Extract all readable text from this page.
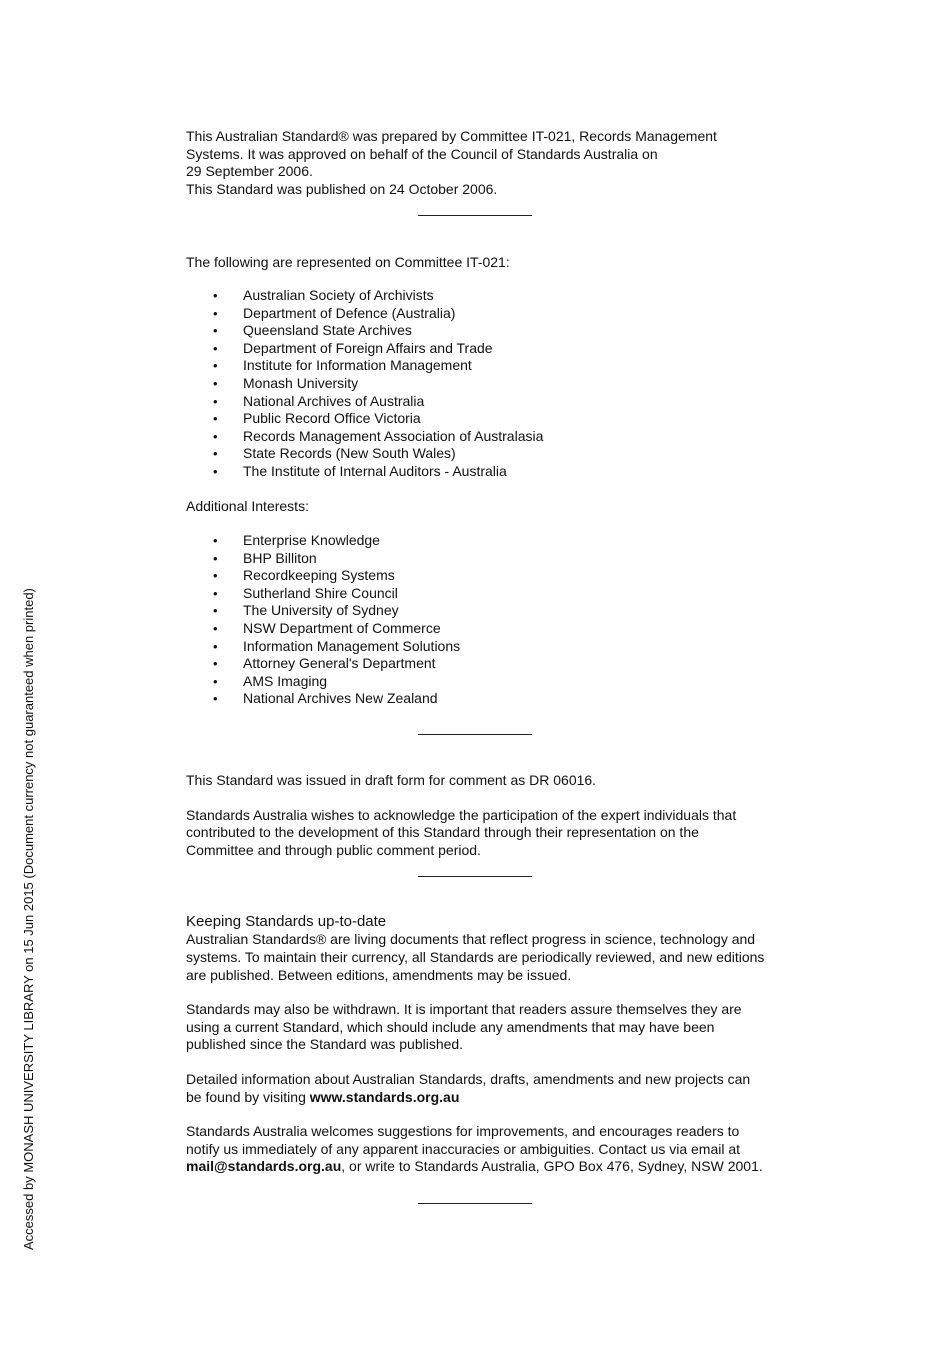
Accessed by MONASH UNIVERSITY LIBRARY on 15 Jun 2015 (Document currency not guaranteed when printed)

This Australian Standard® was prepared by Committee IT-021, Records Management
Systems. It was approved on behalf of the Council of Standards Australia on
29 September 2006.
This Standard was published on 24 October 2006.

The following are represented on Committee IT-021:

• Australian Society of Archivists
• Department of Defence (Australia)
• Queensland State Archives
• Department of Foreign Affairs and Trade
• Institute for Information Management
• Monash University
• National Archives of Australia
• Public Record Office Victoria
• Records Management Association of Australasia
• State Records (New South Wales)
• The Institute of Internal Auditors - Australia

Additional Interests:

• Enterprise Knowledge
• BHP Billiton
• Recordkeeping Systems
• Sutherland Shire Council
• The University of Sydney
• NSW Department of Commerce
• Information Management Solutions
• Attorney General's Department
• AMS Imaging
• National Archives New Zealand

This Standard was issued in draft form for comment as DR 06016.

Standards Australia wishes to acknowledge the participation of the expert individuals that
contributed to the development of this Standard through their representation on the
Committee and through public comment period.

Keeping Standards up-to-date

Australian Standards® are living documents that reflect progress in science, technology and
systems. To maintain their currency, all Standards are periodically reviewed, and new editions
are published. Between editions, amendments may be issued.

Standards may also be withdrawn. It is important that readers assure themselves they are
using a current Standard, which should include any amendments that may have been
published since the Standard was published.

Detailed information about Australian Standards, drafts, amendments and new projects can
be found by visiting www.standards.org.au

Standards Australia welcomes suggestions for improvements, and encourages readers to
notify us immediately of any apparent inaccuracies or ambiguities. Contact us via email at
mail@standards.org.au, or write to Standards Australia, GPO Box 476, Sydney, NSW 2001.
